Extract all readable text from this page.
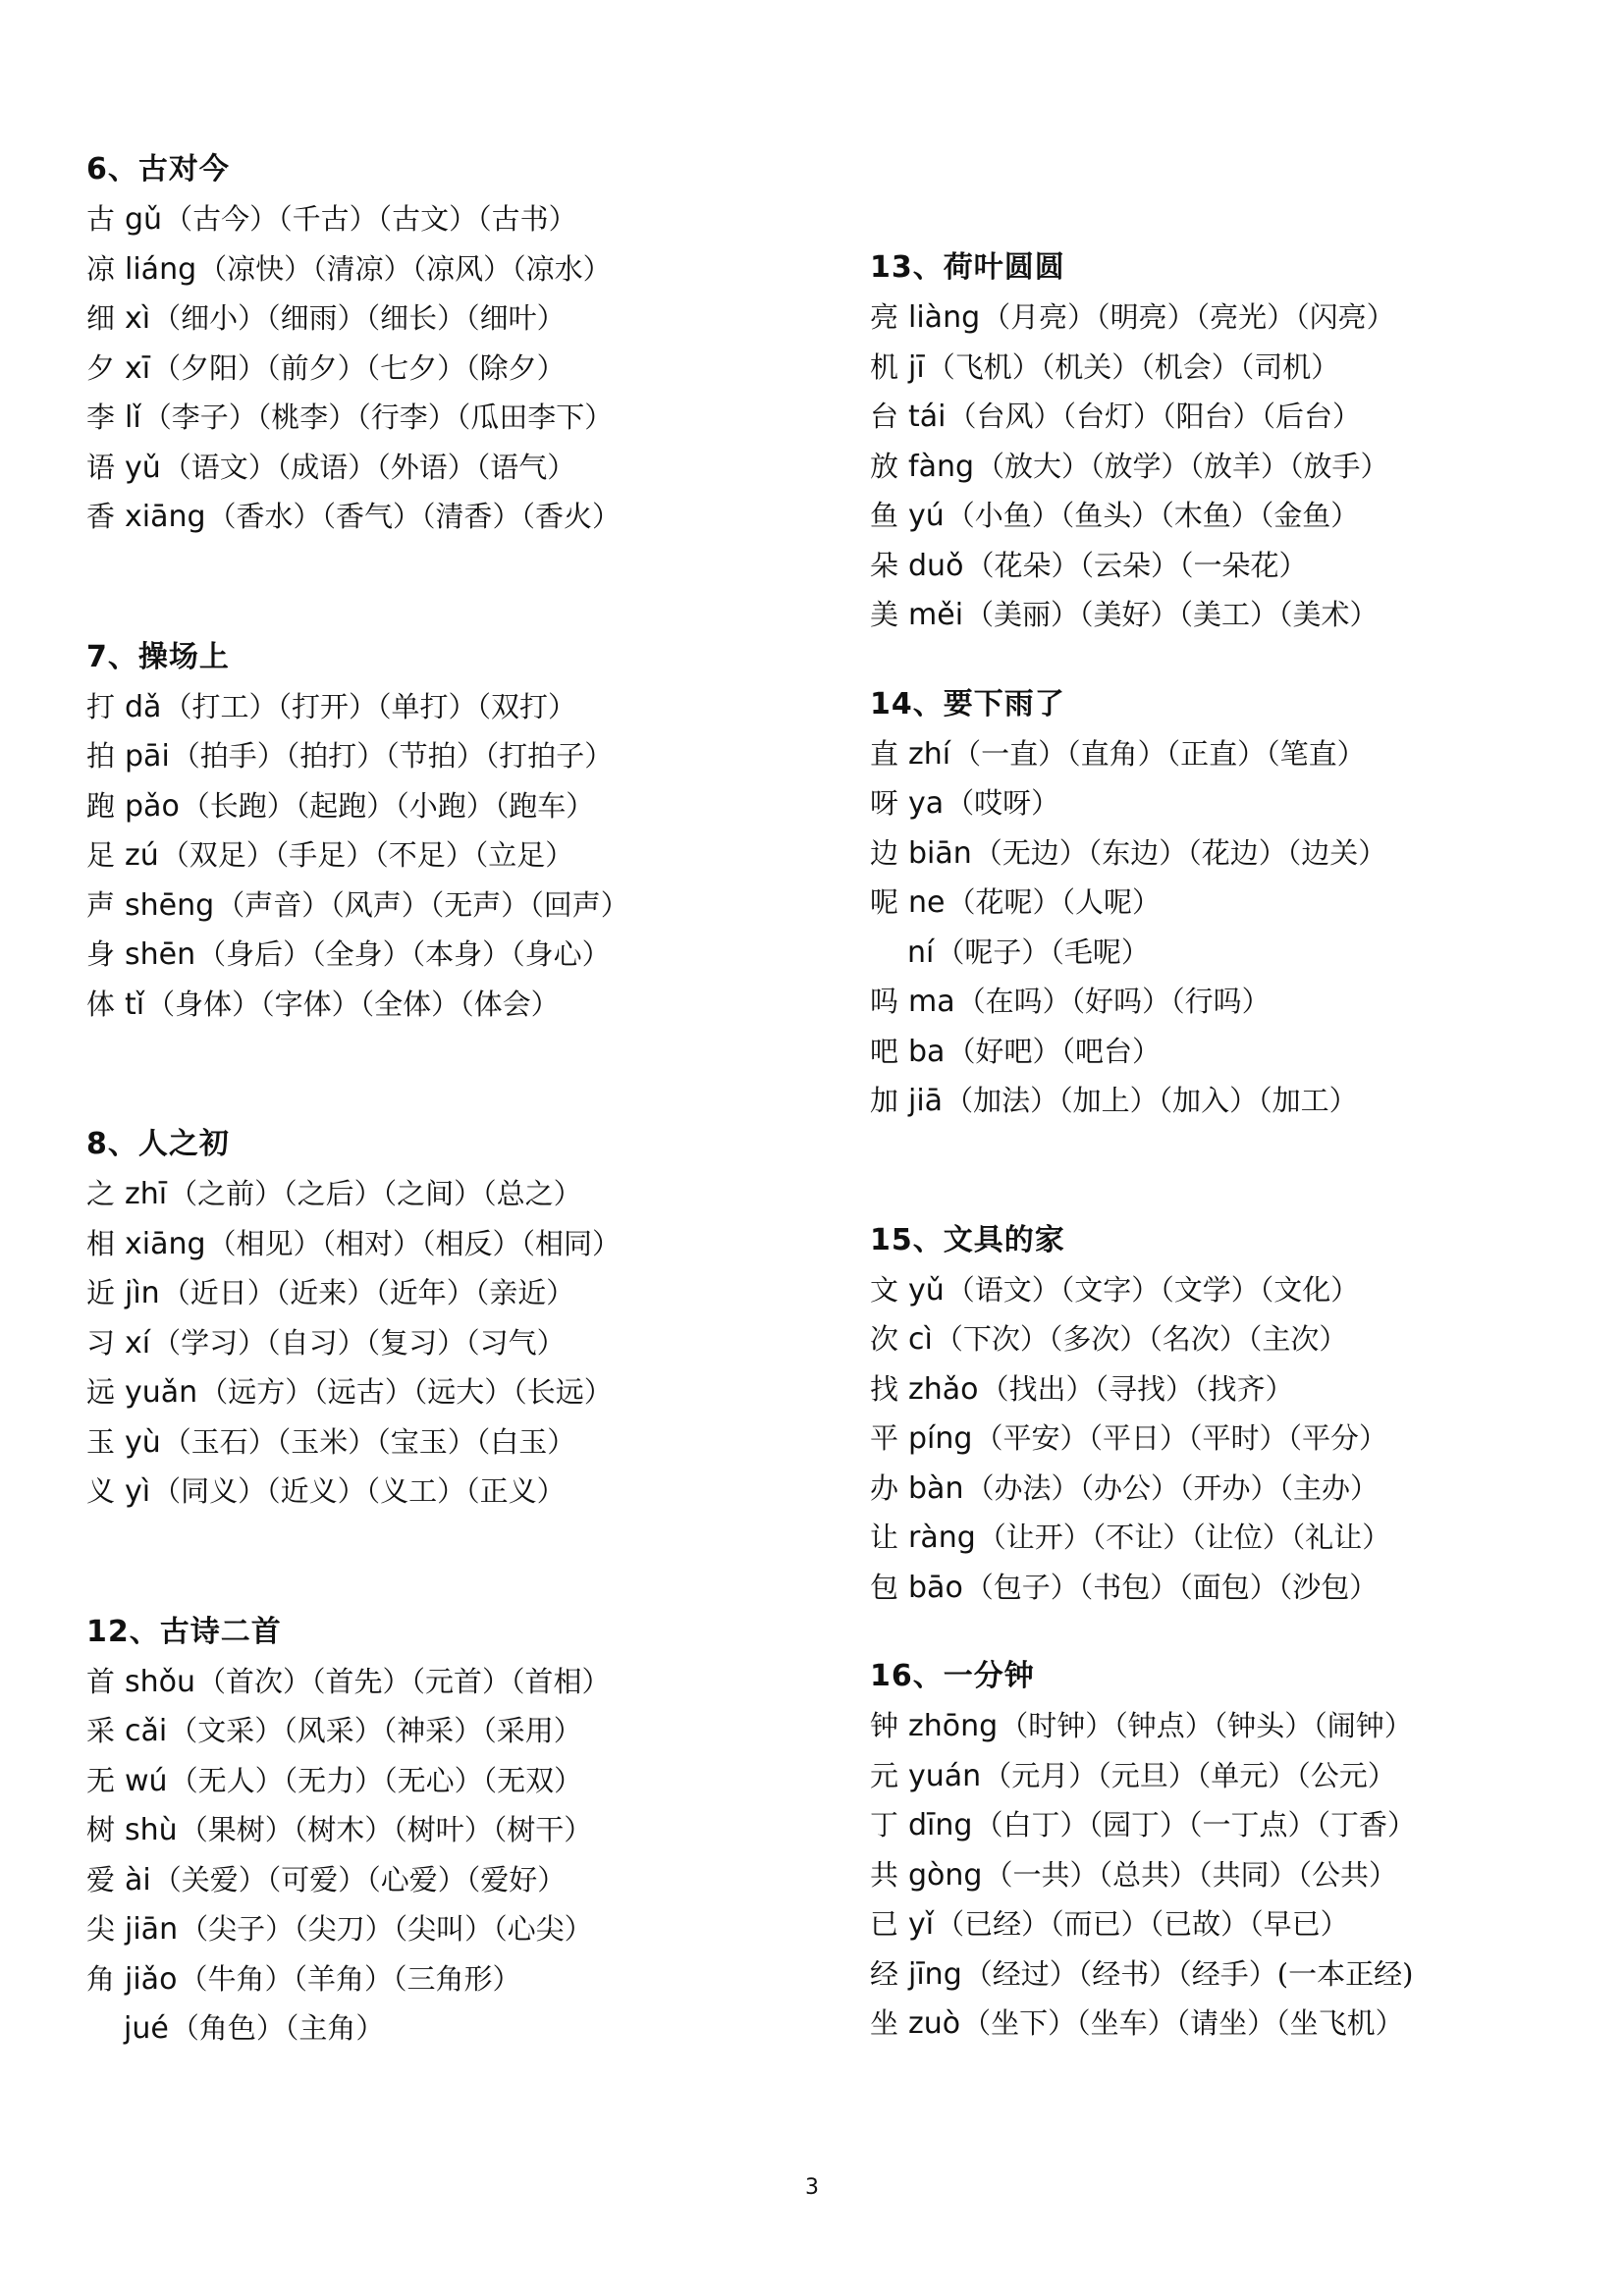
6、古对今
古 gǔ（古今）（千古）（古文）（古书）
凉 liáng（凉快）（清凉）（凉风）（凉水）
细 xì（细小）（细雨）（细长）（细叶）
夕 xī（夕阳）（前夕）（七夕）（除夕）
李 lǐ（李子）（桃李）（行李）（瓜田李下）
语 yǔ（语文）（成语）（外语）（语气）
香 xiāng（香水）（香气）（清香）（香火）
7、操场上
打 dǎ（打工）（打开）（单打）（双打）
拍 pāi（拍手）（拍打）（节拍）（打拍子）
跑 pǎo（长跑）（起跑）（小跑）（跑车）
足 zú（双足）（手足）（不足）（立足）
声 shēng（声音）（风声）（无声）（回声）
身 shēn（身后）（全身）（本身）（身心）
体 tǐ（身体）（字体）（全体）（体会）
8、人之初
之 zhī（之前）（之后）（之间）（总之）
相 xiāng（相见）（相对）（相反）（相同）
近 jìn（近日）（近来）（近年）（亲近）
习 xí（学习）（自习）（复习）（习气）
远 yuǎn（远方）（远古）（远大）（长远）
玉 yù（玉石）（玉米）（宝玉）（白玉）
义 yì（同义）（近义）（义工）（正义）
12、古诗二首
首 shǒu（首次）（首先）（元首）（首相）
采 cǎi（文采）（风采）（神采）（采用）
无 wú（无人）（无力）（无心）（无双）
树 shù（果树）（树木）（树叶）（树干）
爱 ài（关爱）（可爱）（心爱）（爱好）
尖 jiān（尖子）（尖刀）（尖叫）（心尖）
角 jiǎo（牛角）（羊角）（三角形）
jué（角色）（主角）
13、荷叶圆圆
亮 liàng（月亮）（明亮）（亮光）（闪亮）
机 jī（飞机）（机关）（机会）（司机）
台 tái（台风）（台灯）（阳台）（后台）
放 fàng（放大）（放学）（放羊）（放手）
鱼 yú（小鱼）（鱼头）（木鱼）（金鱼）
朵 duǒ（花朵）（云朵）（一朵花）
美 měi（美丽）（美好）（美工）（美术）
14、要下雨了
直 zhí（一直）（直角）（正直）（笔直）
呀 ya（哎呀）
边 biān（无边）（东边）（花边）（边关）
呢 ne（花呢）（人呢）
ní（呢子）（毛呢）
吗 ma（在吗）（好吗）（行吗）
吧 ba（好吧）（吧台）
加 jiā（加法）（加上）（加入）（加工）
15、文具的家
文 yǔ（语文）（文字）（文学）（文化）
次 cì（下次）（多次）（名次）（主次）
找 zhǎo（找出）（寻找）（找齐）
平 píng（平安）（平日）（平时）（平分）
办 bàn（办法）（办公）（开办）（主办）
让 ràng（让开）（不让）（让位）（礼让）
包 bāo（包子）（书包）（面包）（沙包）
16、一分钟
钟 zhōng（时钟）（钟点）（钟头）（闹钟）
元 yuán（元月）（元旦）（单元）（公元）
丁 dīng（白丁）（园丁）（一丁点）（丁香）
共 gòng（一共）（总共）（共同）（公共）
已 yǐ（已经）（而已）（已故）（早已）
经 jīng（经过）（经书）（经手）(一本正经)
坐 zuò（坐下）（坐车）（请坐）（坐飞机）
3
